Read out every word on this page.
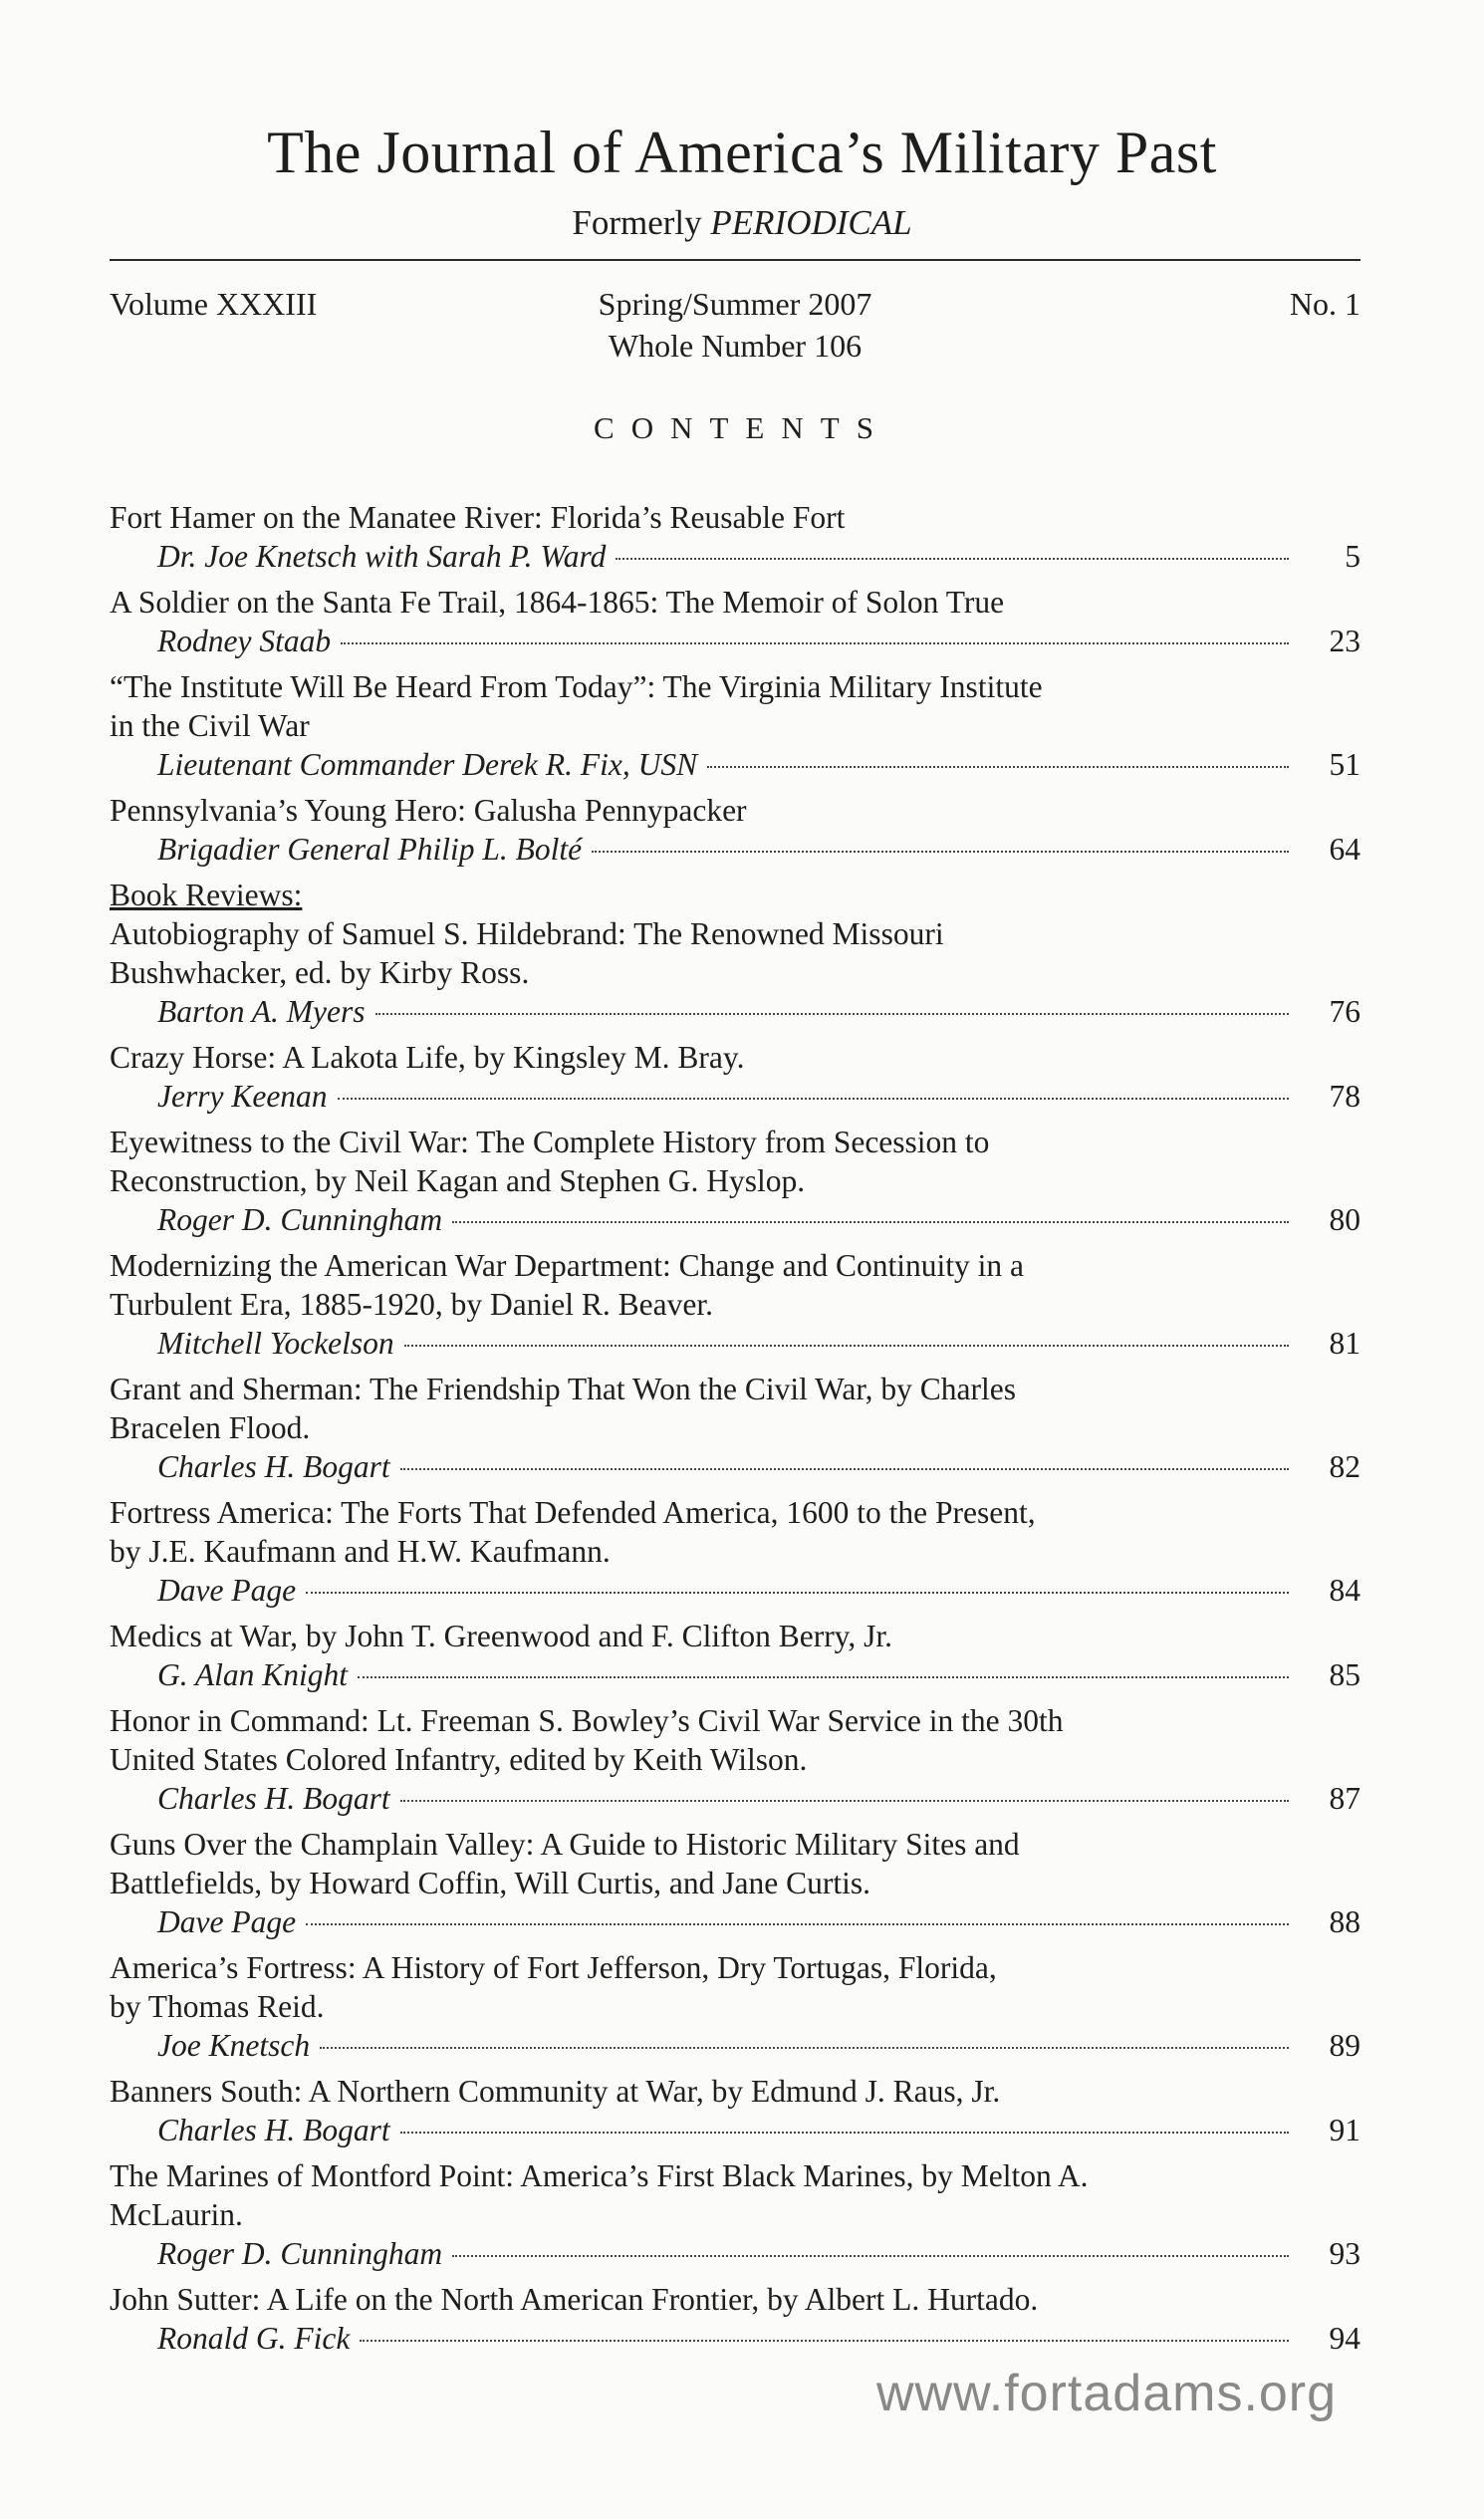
The Journal of America’s Military Past
Formerly PERIODICAL
Volume XXXIII	Spring/Summer 2007
Whole Number 106
No. 1
CONTENTS
Fort Hamer on the Manatee River: Florida’s Reusable Fort
Dr. Joe Knetsch with Sarah P. Ward	5
A Soldier on the Santa Fe Trail, 1864-1865: The Memoir of Solon True
Rodney Staab	23
“The Institute Will Be Heard From Today”: The Virginia Military Institute
in the Civil War
Lieutenant Commander Derek R. Fix, USN	51
Pennsylvania’s Young Hero: Galusha Pennypacker
Brigadier General Philip L. Bolté	64
Book Reviews:
Autobiography of Samuel S. Hildebrand: The Renowned Missouri
Bushwhacker, ed. by Kirby Ross.
Barton A. Myers	76
Crazy Horse: A Lakota Life, by Kingsley M. Bray.
Jerry Keenan	78
Eyewitness to the Civil War: The Complete History from Secession to
Reconstruction, by Neil Kagan and Stephen G. Hyslop.
Roger D. Cunningham	80
Modernizing the American War Department: Change and Continuity in a
Turbulent Era, 1885-1920, by Daniel R. Beaver.
Mitchell Yockelson	81
Grant and Sherman: The Friendship That Won the Civil War, by Charles
Bracelen Flood.
Charles H. Bogart	82
Fortress America: The Forts That Defended America, 1600 to the Present,
by J.E. Kaufmann and H.W. Kaufmann.
Dave Page	84
Medics at War, by John T. Greenwood and F. Clifton Berry, Jr.
G. Alan Knight	85
Honor in Command: Lt. Freeman S. Bowley’s Civil War Service in the 30th
United States Colored Infantry, edited by Keith Wilson.
Charles H. Bogart	87
Guns Over the Champlain Valley: A Guide to Historic Military Sites and
Battlefields, by Howard Coffin, Will Curtis, and Jane Curtis.
Dave Page	88
America’s Fortress: A History of Fort Jefferson, Dry Tortugas, Florida,
by Thomas Reid.
Joe Knetsch	89
Banners South: A Northern Community at War, by Edmund J. Raus, Jr.
Charles H. Bogart	91
The Marines of Montford Point: America’s First Black Marines, by Melton A.
McLaurin.
Roger D. Cunningham	93
John Sutter: A Life on the North American Frontier, by Albert L. Hurtado.
Ronald G. Fick	94
www.fortadams.org
